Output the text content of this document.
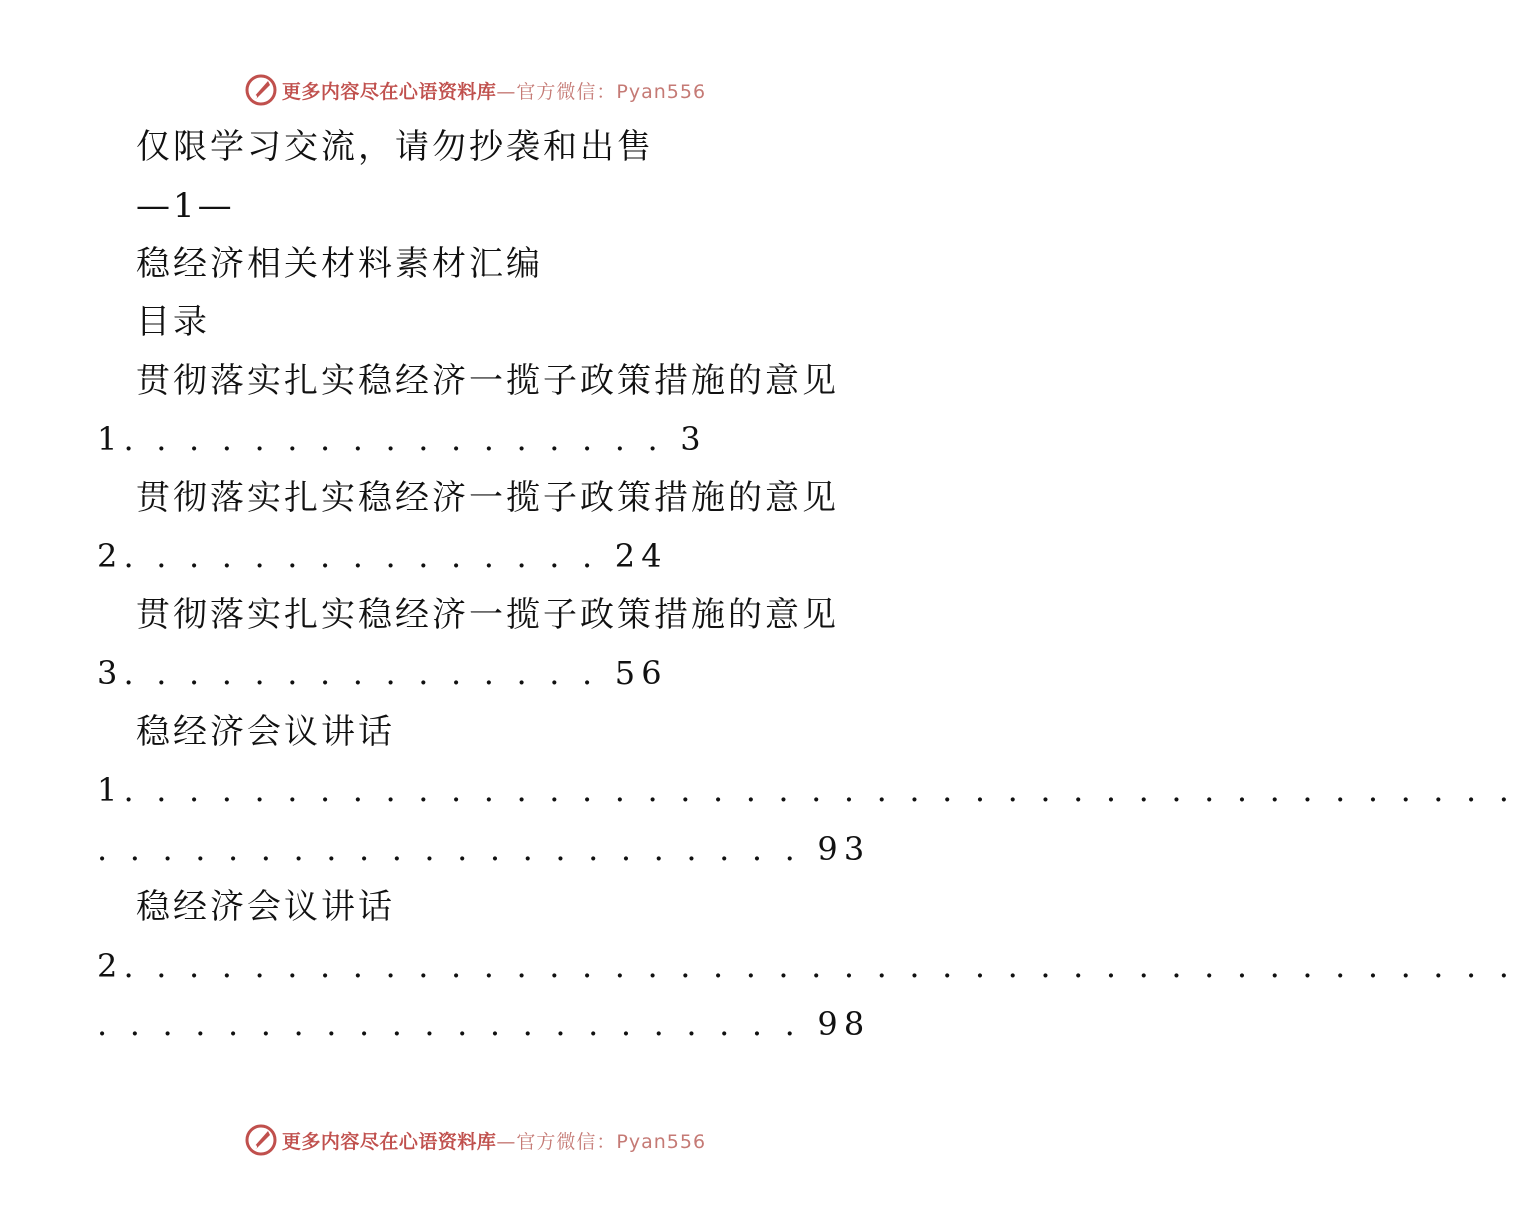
更多内容尽在心语资料库 —官方微信：Pyan556
仅限学习交流，请勿抄袭和出售
—1—
稳经济相关材料素材汇编
目录
贯彻落实扎实稳经济一揽子政策措施的意见
1. . . . . . . . . . . . . . . . . 3
贯彻落实扎实稳经济一揽子政策措施的意见
2. . . . . . . . . . . . . . . 24
贯彻落实扎实稳经济一揽子政策措施的意见
3. . . . . . . . . . . . . . . 56
稳经济会议讲话
1. . . . . . . . . . . . . . . . . . . . . . . . . . . . . . . . . . . . . . . . . . .
. . . . . . . . . . . . . . . . . . . . . . 93
稳经济会议讲话
2. . . . . . . . . . . . . . . . . . . . . . . . . . . . . . . . . . . . . . . . . . .
. . . . . . . . . . . . . . . . . . . . . . 98
更多内容尽在心语资料库 —官方微信：Pyan556
